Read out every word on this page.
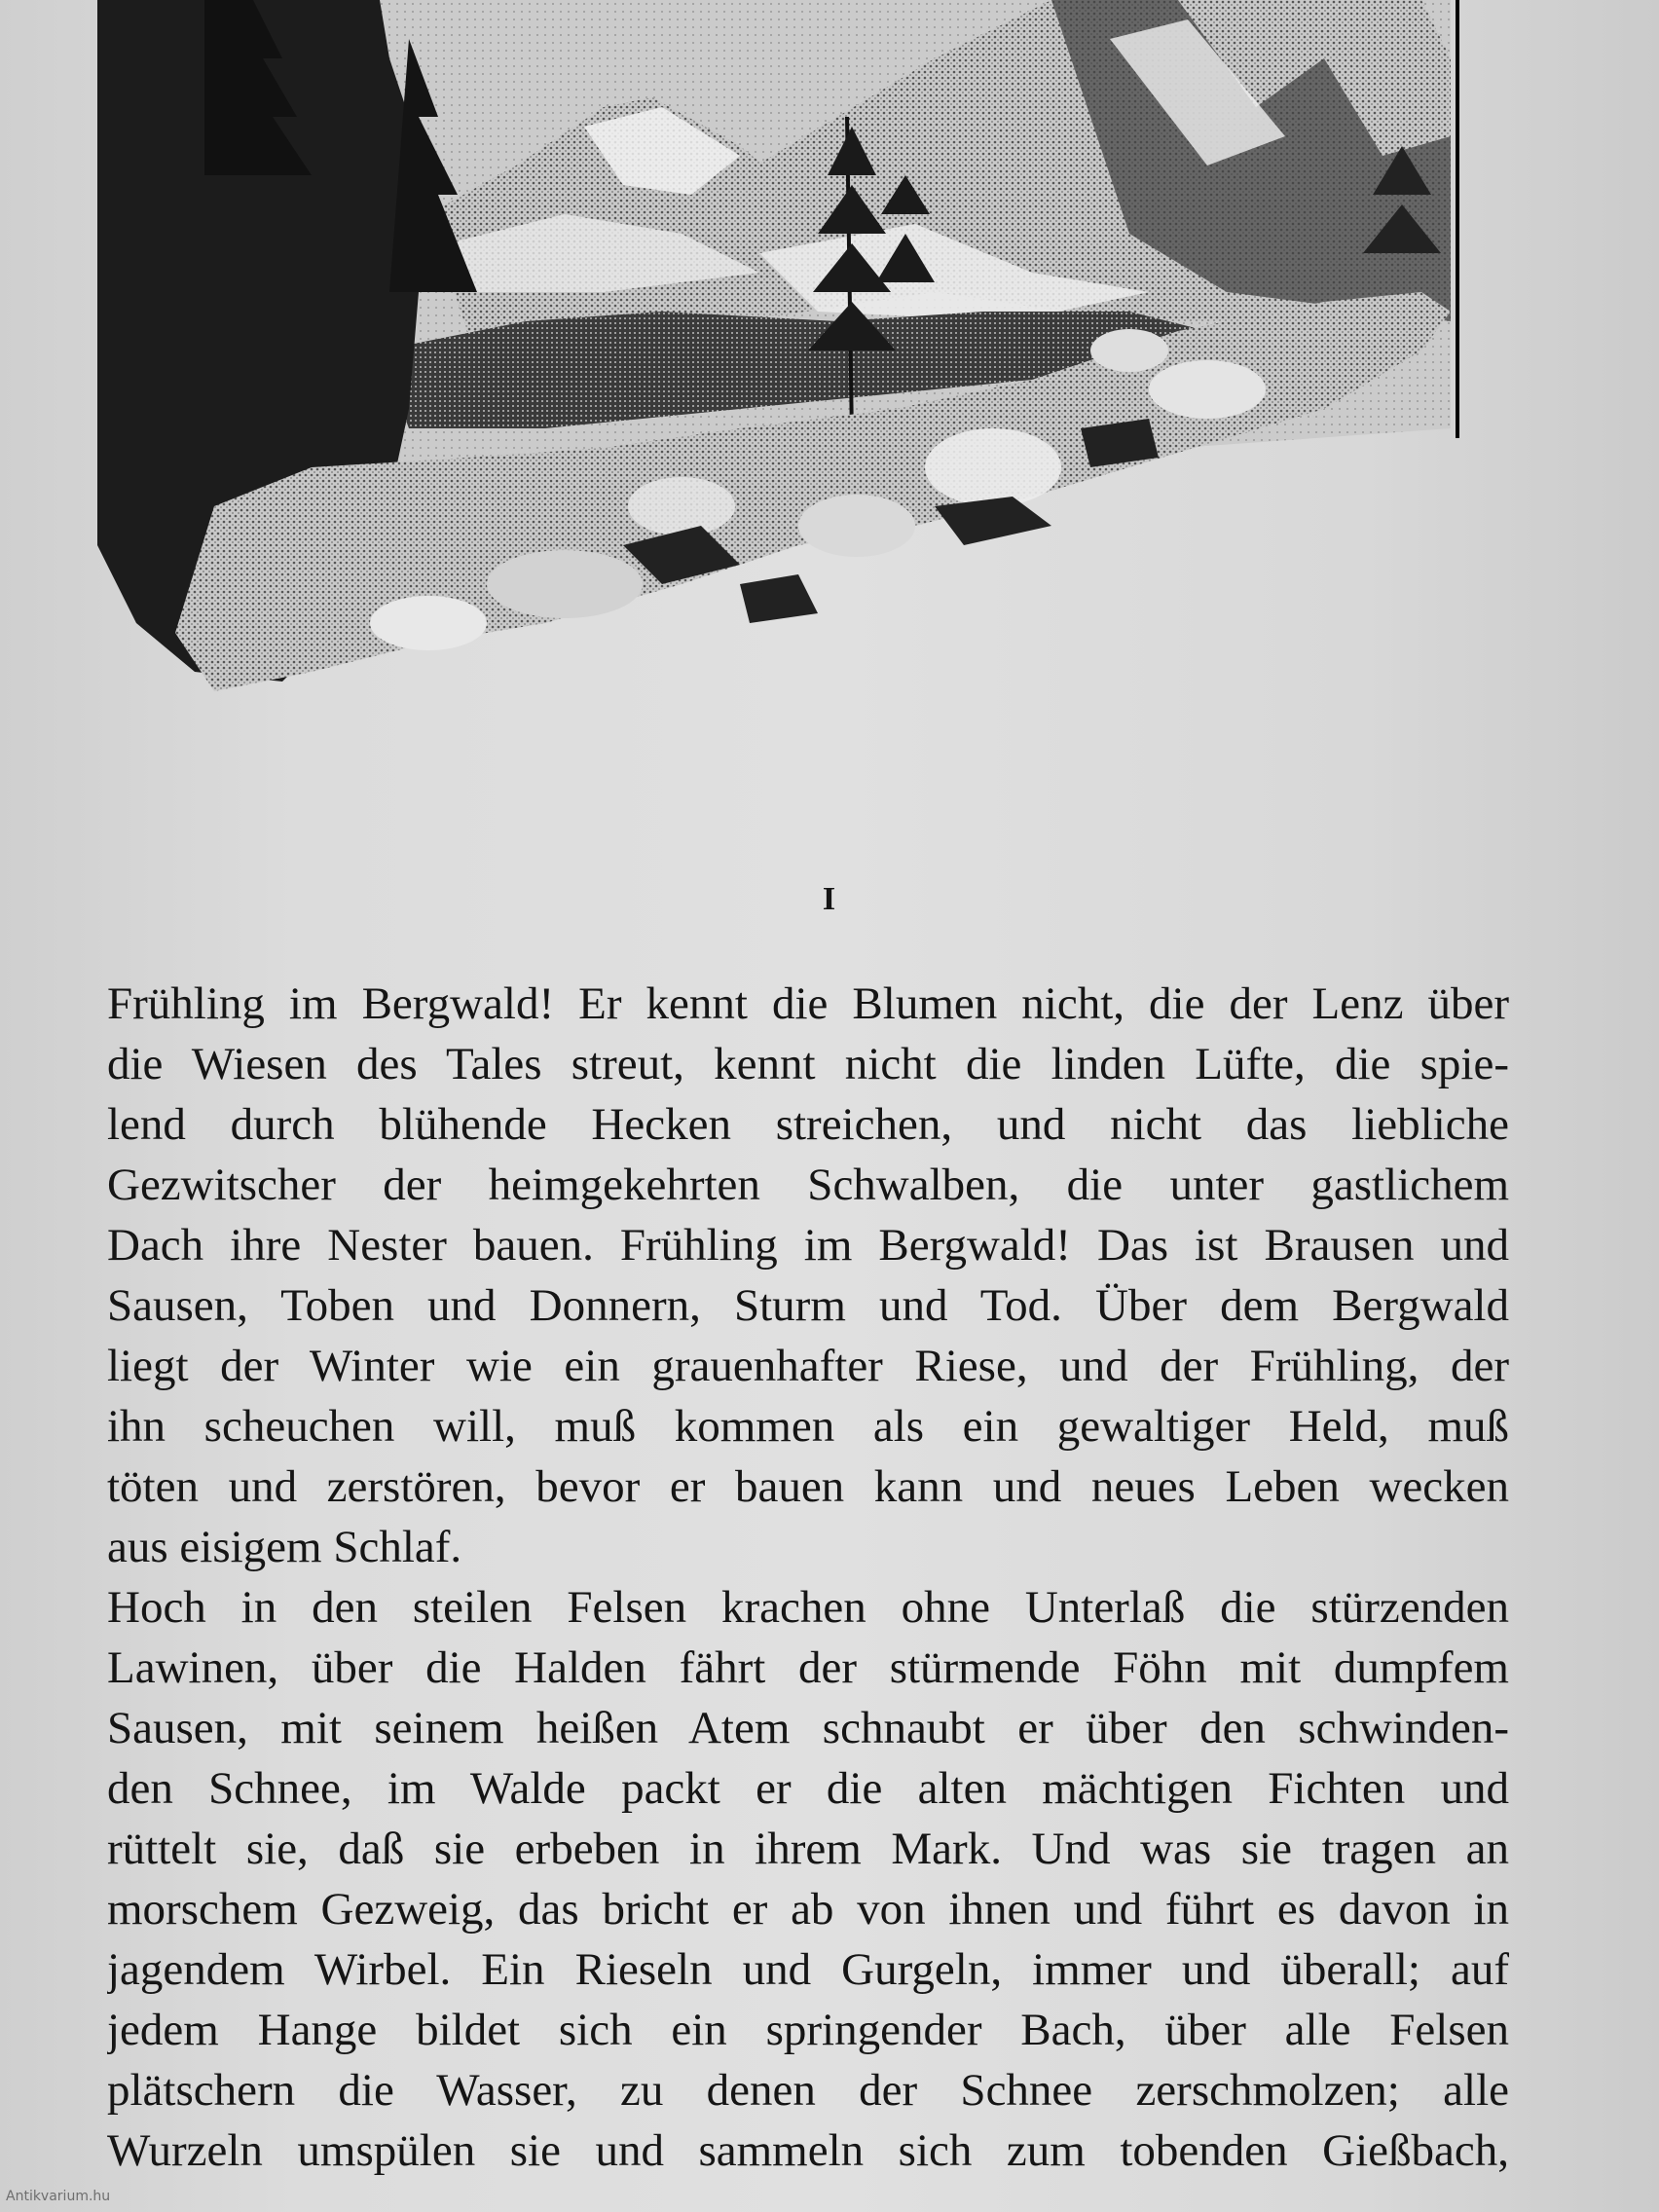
I
Frühling im Bergwald! Er kennt die Blumen nicht, die der Lenz über
die Wiesen des Tales streut, kennt nicht die linden Lüfte, die spie-
lend durch blühende Hecken streichen, und nicht das liebliche
Gezwitscher der heimgekehrten Schwalben, die unter gastlichem
Dach ihre Nester bauen. Frühling im Bergwald! Das ist Brausen und
Sausen, Toben und Donnern, Sturm und Tod. Über dem Bergwald
liegt der Winter wie ein grauenhafter Riese, und der Frühling, der
ihn scheuchen will, muß kommen als ein gewaltiger Held, muß
töten und zerstören, bevor er bauen kann und neues Leben wecken
aus eisigem Schlaf.
Hoch in den steilen Felsen krachen ohne Unterlaß die stürzenden
Lawinen, über die Halden fährt der stürmende Föhn mit dumpfem
Sausen, mit seinem heißen Atem schnaubt er über den schwinden-
den Schnee, im Walde packt er die alten mächtigen Fichten und
rüttelt sie, daß sie erbeben in ihrem Mark. Und was sie tragen an
morschem Gezweig, das bricht er ab von ihnen und führt es davon in
jagendem Wirbel. Ein Rieseln und Gurgeln, immer und überall; auf
jedem Hange bildet sich ein springender Bach, über alle Felsen
plätschern die Wasser, zu denen der Schnee zerschmolzen; alle
Wurzeln umspülen sie und sammeln sich zum tobenden Gießbach,
Antikvarium.hu
